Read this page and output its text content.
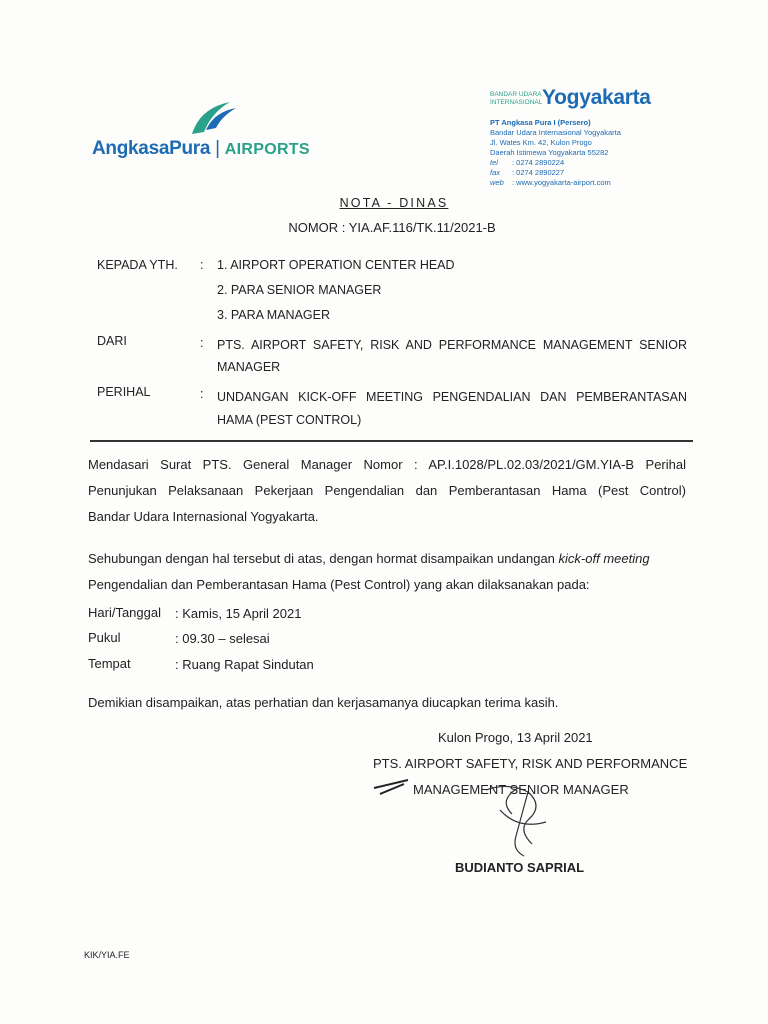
AngkasaPura | AIRPORTS
BANDAR UDARA
INTERNASIONALYogyakarta
PT Angkasa Pura I (Persero)
Bandar Udara Internasional Yogyakarta
Jl. Wates Km. 42, Kulon Progo
Daerah Istimewa Yogyakarta 55282
tel : 0274 2890224
fax : 0274 2890227
web : www.yogyakarta-airport.com
NOTA - DINAS
NOMOR : YIA.AF.116/TK.11/2021-B
KEPADA YTH. : 1. AIRPORT OPERATION CENTER HEAD
2. PARA SENIOR MANAGER
3. PARA MANAGER
DARI	: PTS. AIRPORT SAFETY, RISK AND PERFORMANCE MANAGEMENT SENIOR
MANAGER
PERIHAL	: UNDANGAN KICK-OFF MEETING PENGENDALIAN DAN PEMBERANTASAN
HAMA (PEST CONTROL)
Mendasari Surat PTS. General Manager Nomor : AP.I.1028/PL.02.03/2021/GM.YIA-B Perihal
Penunjukan Pelaksanaan Pekerjaan Pengendalian dan Pemberantasan Hama (Pest Control)
Bandar Udara Internasional Yogyakarta.
Sehubungan dengan hal tersebut di atas, dengan hormat disampaikan undangan kick-off meeting
Pengendalian dan Pemberantasan Hama (Pest Control) yang akan dilaksanakan pada:
Hari/Tanggal : Kamis, 15 April 2021
Pukul	: 09.30 – selesai
Tempat	: Ruang Rapat Sindutan
Demikian disampaikan, atas perhatian dan kerjasamanya diucapkan terima kasih.
Kulon Progo, 13 April 2021
PTS. AIRPORT SAFETY, RISK AND PERFORMANCE
MANAGEMENT SENIOR MANAGER
BUDIANTO SAPRIAL
KIK/YIA.FE
